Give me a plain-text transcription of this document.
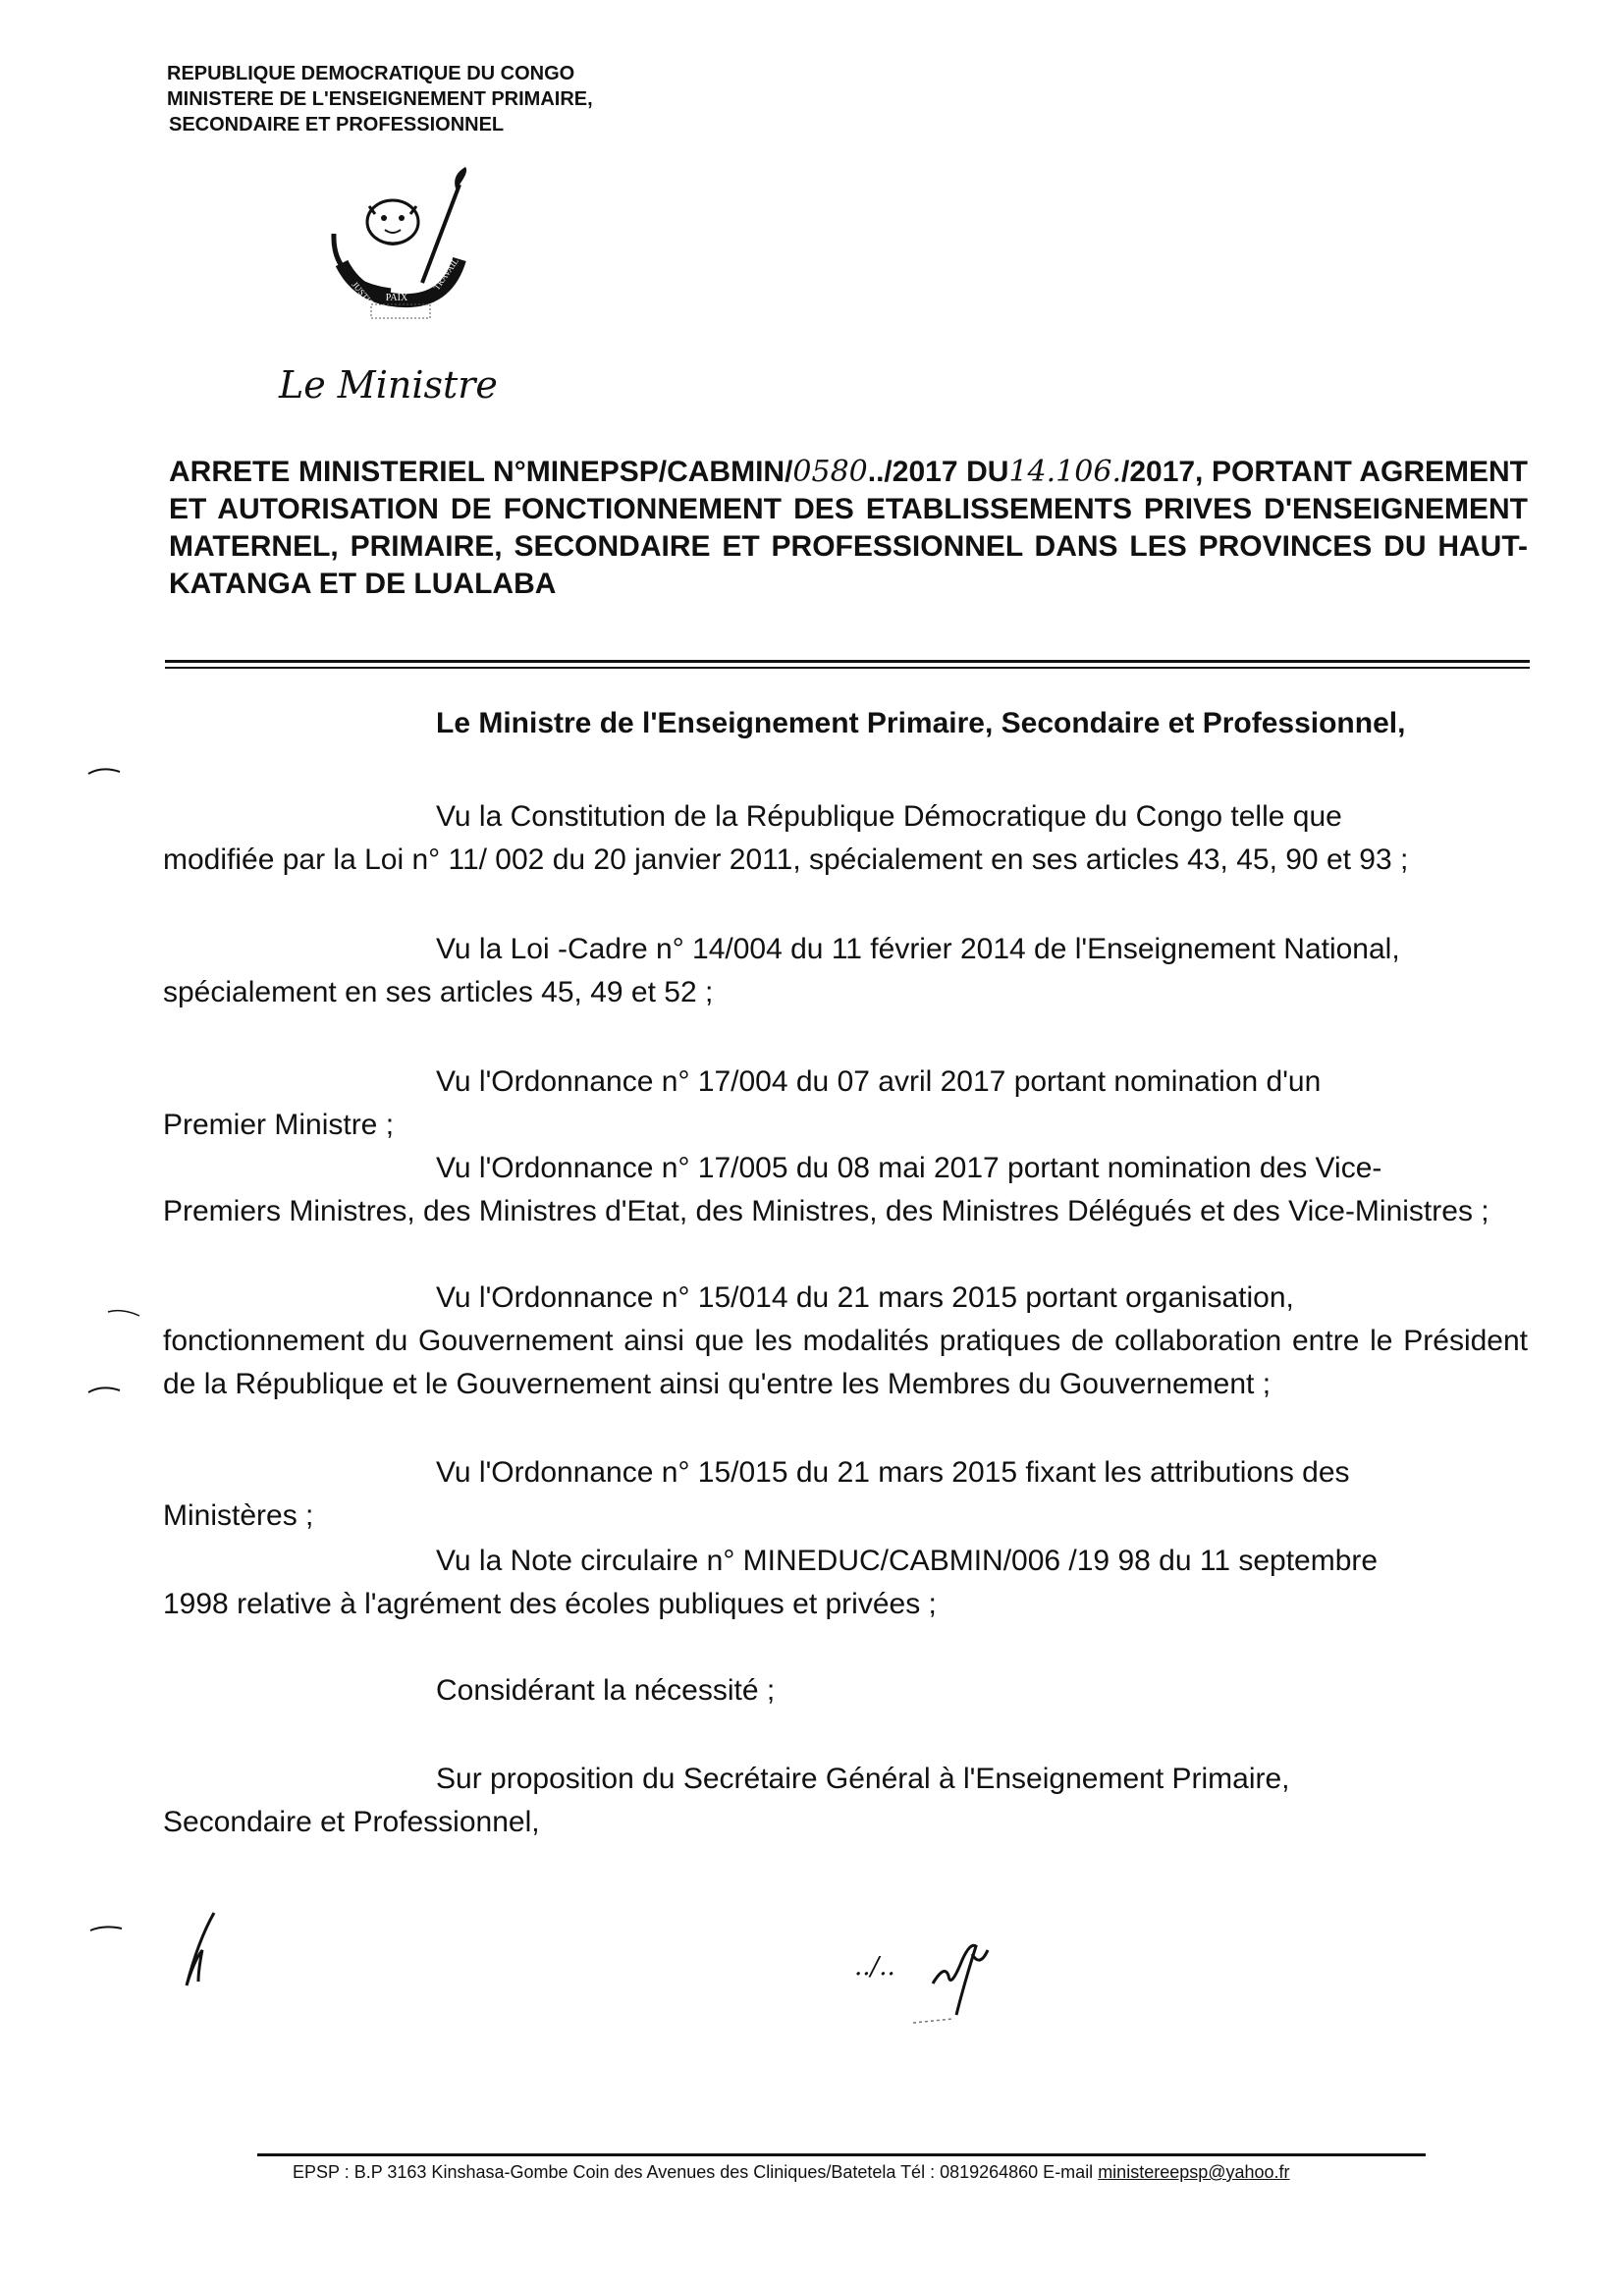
REPUBLIQUE DEMOCRATIQUE DU CONGO
MINISTERE DE L'ENSEIGNEMENT PRIMAIRE,
SECONDAIRE ET PROFESSIONNEL
PAIX
JUSTICE
TRAVAIL
Le Ministre
ARRETE MINISTERIEL N°MINEPSP/CABMIN/0580../2017 DU14.106./2017, PORTANT AGREMENT ET AUTORISATION DE FONCTIONNEMENT DES ETABLISSEMENTS PRIVES D'ENSEIGNEMENT MATERNEL, PRIMAIRE, SECONDAIRE ET PROFESSIONNEL DANS LES PROVINCES DU HAUT-KATANGA ET DE LUALABA
Le Ministre de l'Enseignement Primaire, Secondaire et Professionnel,
Vu la Constitution de la République Démocratique du Congo telle que
modifiée par la Loi n° 11/ 002 du 20 janvier 2011, spécialement en ses articles 43, 45, 90 et 93 ;
Vu la Loi -Cadre n° 14/004 du 11 février 2014 de l'Enseignement National,
spécialement en ses articles 45, 49 et 52 ;
Vu l'Ordonnance n° 17/004 du 07 avril 2017 portant nomination d'un
Premier Ministre ;
Vu l'Ordonnance n° 17/005 du 08 mai 2017 portant nomination des Vice-
Premiers Ministres, des Ministres d'Etat, des Ministres, des Ministres Délégués et des Vice-Ministres ;
Vu l'Ordonnance n° 15/014 du 21 mars 2015 portant organisation,
fonctionnement du Gouvernement ainsi que les modalités pratiques de collaboration entre le Président de la République et le Gouvernement ainsi qu'entre les Membres du Gouvernement ;
Vu l'Ordonnance n° 15/015 du 21 mars 2015 fixant les attributions des
Ministères ;
Vu la Note circulaire n° MINEDUC/CABMIN/006 /19 98 du 11 septembre
1998 relative à l'agrément des écoles publiques et privées ;
Considérant la nécessité ;
Sur proposition du Secrétaire Général à l'Enseignement Primaire,
Secondaire et Professionnel,
../..
EPSP : B.P 3163 Kinshasa-Gombe Coin des Avenues des Cliniques/Batetela Tél : 0819264860 E-mail ministereepsp@yahoo.fr
